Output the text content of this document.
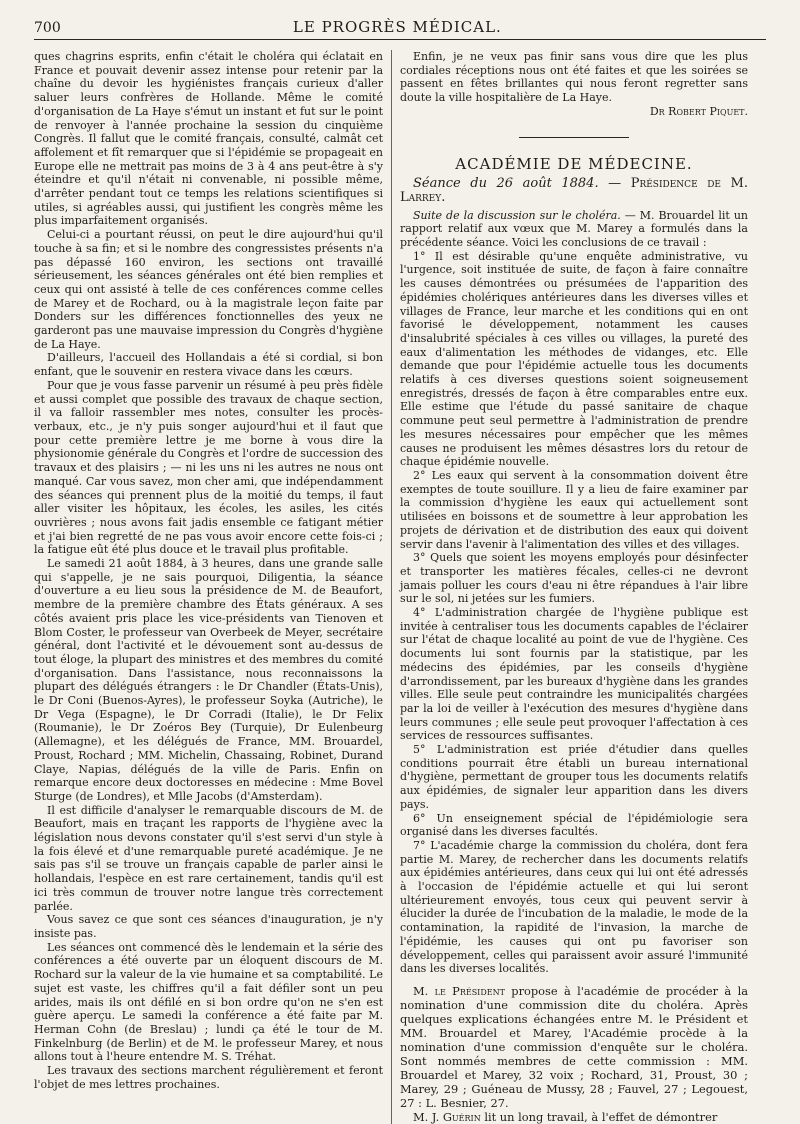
700	LE PROGRÈS MÉDICAL.

ques chagrins esprits, enfin c'était le choléra qui éclatait en France et pouvait devenir assez intense pour retenir par la chaîne du devoir les hygiénistes français curieux d'aller saluer leurs confrères de Hollande. Même le comité d'organisation de La Haye s'émut un instant et fut sur le point de renvoyer à l'année prochaine la session du cinquième Congrès. Il fallut que le comité français, consulté, calmât cet affolement et fît remarquer que si l'épidémie se propageait en Europe elle ne mettrait pas moins de 3 à 4 ans peut-être à s'y éteindre et qu'il n'était ni convenable, ni possible même, d'arrêter pendant tout ce temps les relations scientifiques si utiles, si agréables aussi, qui justifient les congrès même les plus imparfaitement organisés.

Celui-ci a pourtant réussi, on peut le dire aujourd'hui qu'il touche à sa fin; et si le nombre des congressistes présents n'a pas dépassé 160 environ, les sections ont travaillé sérieusement, les séances générales ont été bien remplies et ceux qui ont assisté à telle de ces conférences comme celles de Marey et de Rochard, ou à la magistrale leçon faite par Donders sur les différences fonctionnelles des yeux ne garderont pas une mauvaise impression du Congrès d'hygiène de La Haye.

D'ailleurs, l'accueil des Hollandais a été si cordial, si bon enfant, que le souvenir en restera vivace dans les cœurs.

Pour que je vous fasse parvenir un résumé à peu près fidèle et aussi complet que possible des travaux de chaque section, il va falloir rassembler mes notes, consulter les procès-verbaux, etc., je n'y puis songer aujourd'hui et il faut que pour cette première lettre je me borne à vous dire la physionomie générale du Congrès et l'ordre de succession des travaux et des plaisirs ; — ni les uns ni les autres ne nous ont manqué. Car vous savez, mon cher ami, que indépendamment des séances qui prennent plus de la moitié du temps, il faut aller visiter les hôpitaux, les écoles, les asiles, les cités ouvrières ; nous avons fait jadis ensemble ce fatigant métier et j'ai bien regretté de ne pas vous avoir encore cette fois-ci ; la fatigue eût été plus douce et le travail plus profitable.

Le samedi 21 août 1884, à 3 heures, dans une grande salle qui s'appelle, je ne sais pourquoi, Diligentia, la séance d'ouverture a eu lieu sous la présidence de M. de Beaufort, membre de la première chambre des États généraux. A ses côtés avaient pris place les vice-présidents van Tienoven et Blom Coster, le professeur van Overbeek de Meyer, secrétaire général, dont l'activité et le dévouement sont au-dessus de tout éloge, la plupart des ministres et des membres du comité d'organisation. Dans l'assistance, nous reconnaissons la plupart des délégués étrangers : le Dr Chandler (États-Unis), le Dr Coni (Buenos-Ayres), le professeur Soyka (Autriche), le Dr Vega (Espagne), le Dr Corradi (Italie), le Dr Felix (Roumanie), le Dr Zoéros Bey (Turquie), Dr Eulenbeurg (Allemagne), et les délégués de France, MM. Brouardel, Proust, Rochard ; MM. Michelin, Chassaing, Robinet, Durand Claye, Napias, délégués de la ville de Paris. Enfin on remarque encore deux doctoresses en médecine : Mme Bovel Sturge (de Londres), et Mlle Jacobs (d'Amsterdam).

Il est difficile d'analyser le remarquable discours de M. de Beaufort, mais en traçant les rapports de l'hygiène avec la législation nous devons constater qu'il s'est servi d'un style à la fois élevé et d'une remarquable pureté académique. Je ne sais pas s'il se trouve un français capable de parler ainsi le hollandais, l'espèce en est rare certainement, tandis qu'il est ici très commun de trouver notre langue très correctement parlée.

Vous savez ce que sont ces séances d'inauguration, je n'y insiste pas.

Les séances ont commencé dès le lendemain et la série des conférences a été ouverte par un éloquent discours de M. Rochard sur la valeur de la vie humaine et sa comptabilité. Le sujet est vaste, les chiffres qu'il a fait défiler sont un peu arides, mais ils ont défilé en si bon ordre qu'on ne s'en est guère aperçu. Le samedi la conférence a été faite par M. Herman Cohn (de Breslau) ; lundi ça été le tour de M. Finkelnburg (de Berlin) et de M. le professeur Marey, et nous allons tout à l'heure entendre M. S. Tréhat.

Les travaux des sections marchent régulièrement et feront l'objet de mes lettres prochaines.

Enfin, je ne veux pas finir sans vous dire que les plus cordiales réceptions nous ont été faites et que les soirées se passent en fêtes brillantes qui nous feront regretter sans doute la ville hospitalière de La Haye.
Dr Robert Piquet.

ACADÉMIE DE MÉDECINE.
Séance du 26 août 1884. — Présidence de M. Larrey.

Suite de la discussion sur le choléra. — M. Brouardel lit un rapport relatif aux vœux que M. Marey a formulés dans la précédente séance. Voici les conclusions de ce travail :

1° Il est désirable qu'une enquête administrative, vu l'urgence, soit instituée de suite, de façon à faire connaître les causes démontrées ou présumées de l'apparition des épidémies cholériques antérieures dans les diverses villes et villages de France, leur marche et les conditions qui en ont favorisé le développement, notamment les causes d'insalubrité spéciales à ces villes ou villages, la pureté des eaux d'alimentation les méthodes de vidanges, etc. Elle demande que pour l'épidémie actuelle tous les documents relatifs à ces diverses questions soient soigneusement enregistrés, dressés de façon à être comparables entre eux. Elle estime que l'étude du passé sanitaire de chaque commune peut seul permettre à l'administration de prendre les mesures nécessaires pour empêcher que les mêmes causes ne produisent les mêmes désastres lors du retour de chaque épidémie nouvelle.

2° Les eaux qui servent à la consommation doivent être exemptes de toute souillure. Il y a lieu de faire examiner par la commission d'hygiène les eaux qui actuellement sont utilisées en boissons et de soumettre à leur approbation les projets de dérivation et de distribution des eaux qui doivent servir dans l'avenir à l'alimentation des villes et des villages.

3° Quels que soient les moyens employés pour désinfecter et transporter les matières fécales, celles-ci ne devront jamais polluer les cours d'eau ni être répandues à l'air libre sur le sol, ni jetées sur les fumiers.

4° L'administration chargée de l'hygiène publique est invitée à centraliser tous les documents capables de l'éclairer sur l'état de chaque localité au point de vue de l'hygiène. Ces documents lui sont fournis par la statistique, par les médecins des épidémies, par les conseils d'hygiène d'arrondissement, par les bureaux d'hygiène dans les grandes villes. Elle seule peut contraindre les municipalités chargées par la loi de veiller à l'exécution des mesures d'hygiène dans leurs communes ; elle seule peut provoquer l'affectation à ces services de ressources suffisantes.

5° L'administration est priée d'étudier dans quelles conditions pourrait être établi un bureau international d'hygiène, permettant de grouper tous les documents relatifs aux épidémies, de signaler leur apparition dans les divers pays.

6° Un enseignement spécial de l'épidémiologie sera organisé dans les diverses facultés.

7° L'académie charge la commission du choléra, dont fera partie M. Marey, de rechercher dans les documents relatifs aux épidémies antérieures, dans ceux qui lui ont été adressés à l'occasion de l'épidémie actuelle et qui lui seront ultérieurement envoyés, tous ceux qui peuvent servir à élucider la durée de l'incubation de la maladie, le mode de la contamination, la rapidité de l'invasion, la marche de l'épidémie, les causes qui ont pu favoriser son développement, celles qui paraissent avoir assuré l'immunité dans les diverses localités.

M. le Président propose à l'académie de procéder à la nomination d'une commission dite du choléra. Après quelques explications échangées entre M. le Président et MM. Brouardel et Marey, l'Académie procède à la nomination d'une commission d'enquête sur le choléra. Sont nommés membres de cette commission : MM. Brouardel et Marey, 32 voix ; Rochard, 31, Proust, 30 ; Marey, 29 ; Guéneau de Mussy, 28 ; Fauvel, 27 ; Legouest, 27 : L. Besnier, 27.

M. J. Guérin lit un long travail, à l'effet de démontrer
